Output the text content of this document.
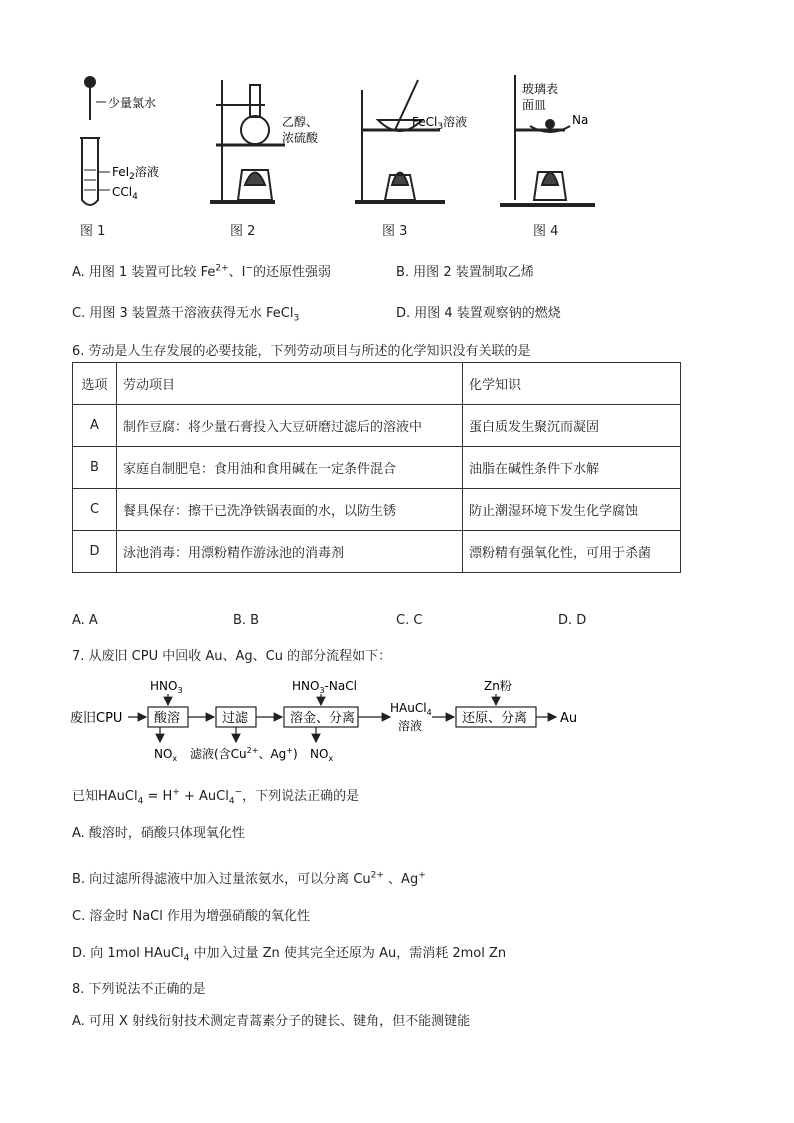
少量氯水
FeI$_2$溶液
CCl$_4$
乙醇、
浓硫酸
FeCl$_3$溶液
玻璃表
面皿
Na
图 1	图 2	图 3	图 4
A. 用图 1 装置可比较 $Fe^{2+}$、I−的还原性强弱	B. 用图 2 装置制取乙烯
C. 用图 3 装置蒸干溶液获得无水 FeCl$_3$	D. 用图 4 装置观察钠的燃烧
6. 劳动是人生存发展的必要技能，下列劳动项目与所述的化学知识没有关联的是
选项	劳动项目	化学知识
A	制作豆腐：将少量石膏投入大豆研磨过滤后的溶液中	蛋白质发生聚沉而凝固
B	家庭自制肥皂：食用油和食用碱在一定条件混合	油脂在碱性条件下水解
C	餐具保存：擦干已洗净铁锅表面的水，以防生锈	防止潮湿环境下发生化学腐蚀
D	泳池消毒：用漂粉精作游泳池的消毒剂	漂粉精有强氧化性，可用于杀菌
A. A	B. B	C. C	D. D
7. 从废旧 CPU 中回收 Au、Ag、Cu 的部分流程如下：
废旧CPU 酸溶	过滤	溶金、分离	还原、分离	Au
$HNO_3$	$HNO_3$-NaCl	Zn粉
HAuCl$_4$
溶液
$NO_x$ 滤液(含$Cu^{2+}$、Ag+) $NO_x$
已知HAuCl$_4$ = H+ + AuCl$_4$−，下列说法正确的是
A. 酸溶时，硝酸只体现氧化性
B. 向过滤所得滤液中加入过量浓氨水，可以分离 $Cu^{2+}$ 、Ag+
C. 溶金时 NaCl 作用为增强硝酸的氧化性
D. 向 1mol HAuCl$_4$ 中加入过量 Zn 使其完全还原为 Au，需消耗 2mol Zn
8. 下列说法不正确的是
A. 可用 X 射线衍射技术测定青蒿素分子的键长、键角，但不能测键能
